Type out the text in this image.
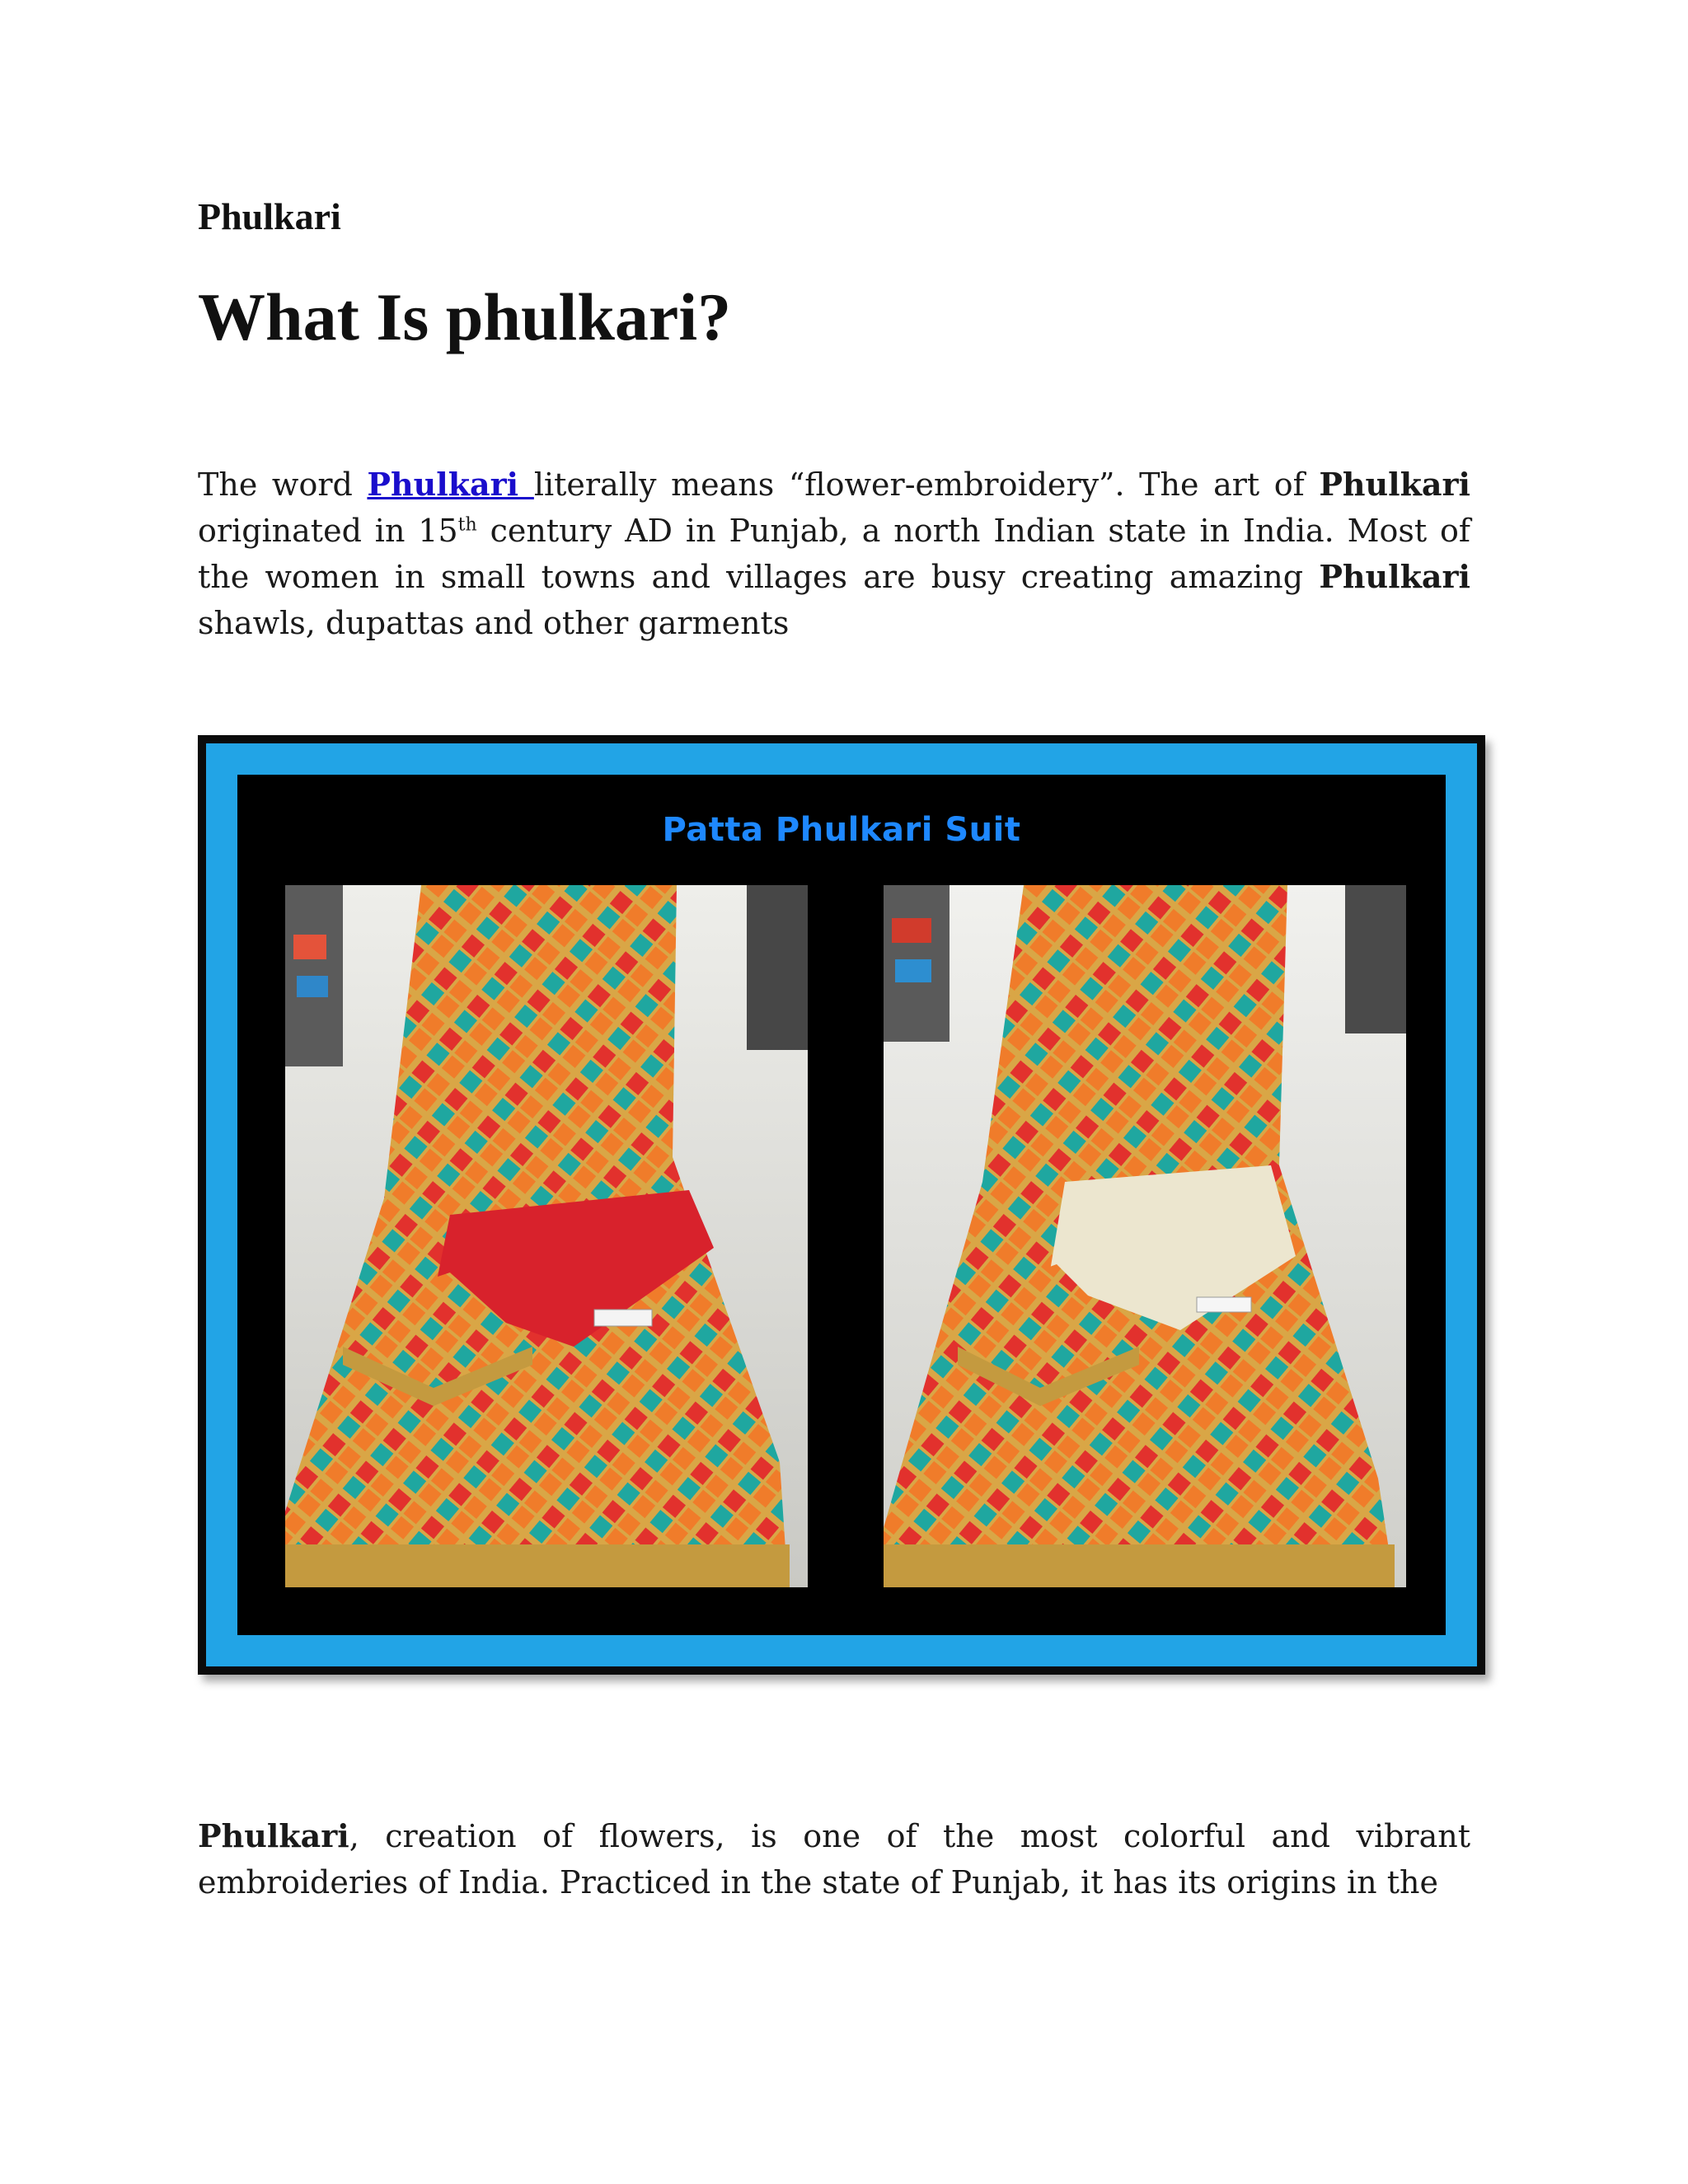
Phulkari
What Is phulkari?

The word Phulkari literally means “flower-embroidery”. The art of Phulkari originated in 15th century AD in Punjab, a north Indian state in India. Most of the women in small towns and villages are busy creating amazing Phulkari shawls, dupattas and other garments

Patta Phulkari Suit

Phulkari, creation of flowers, is one of the most colorful and vibrant embroideries of India. Practiced in the state of Punjab, it has its origins in the
